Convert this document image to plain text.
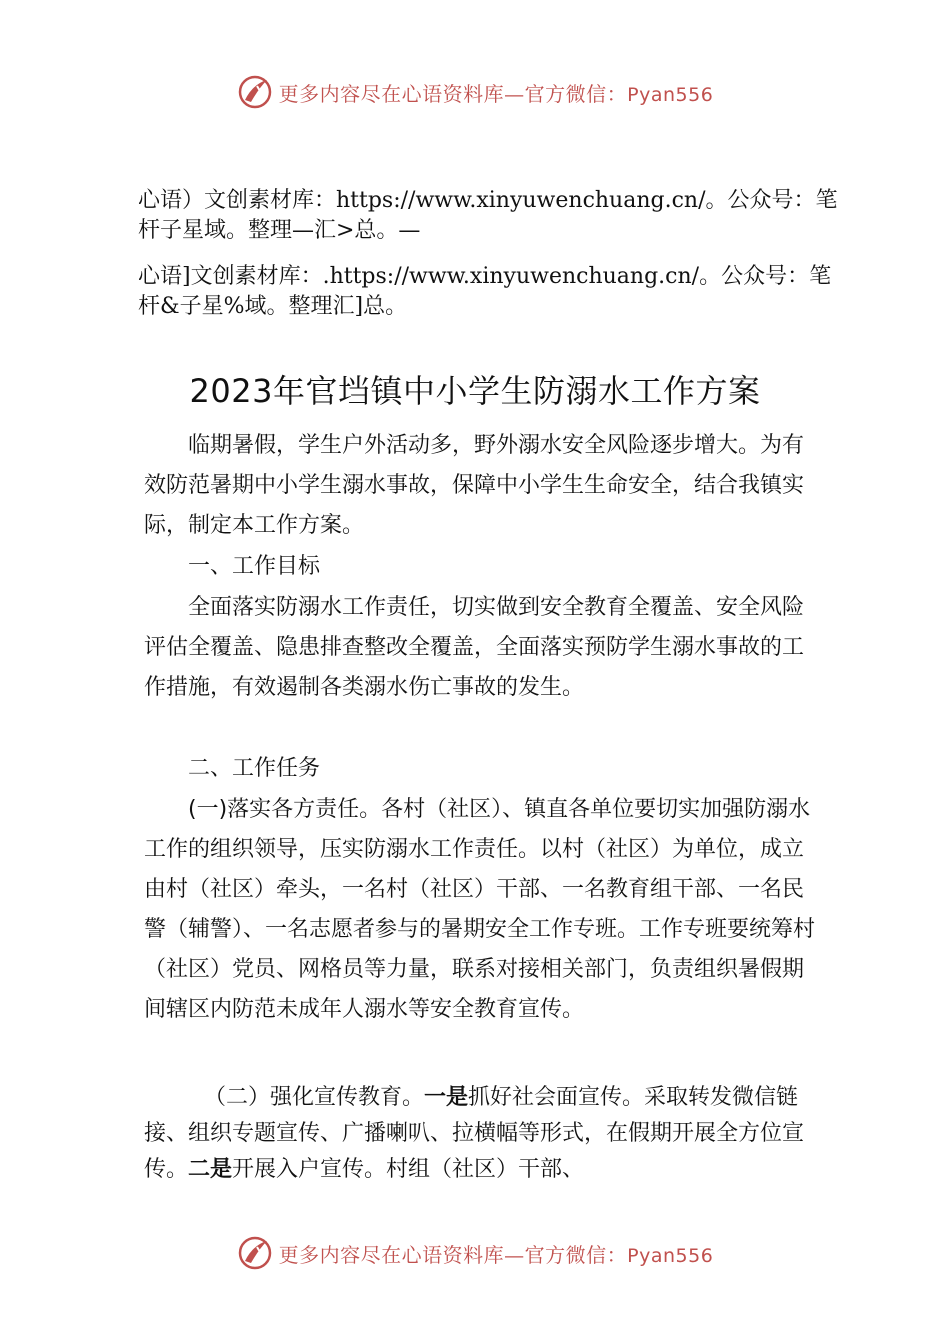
更多内容尽在心语资料库—官方微信：Pyan556

心语）文创素材库：https://www.xinyuwenchuang.cn/。公众号：笔杆子星域。整理—汇>总。—

心语]文创素材库：.https://www.xinyuwenchuang.cn/。公众号：笔杆&子星%域。整理汇]总。

2023年官垱镇中小学生防溺水工作方案

临期暑假，学生户外活动多，野外溺水安全风险逐步增大。为有效防范暑期中小学生溺水事故，保障中小学生生命安全，结合我镇实际，制定本工作方案。

一、工作目标

全面落实防溺水工作责任，切实做到安全教育全覆盖、安全风险评估全覆盖、隐患排查整改全覆盖，全面落实预防学生溺水事故的工作措施，有效遏制各类溺水伤亡事故的发生。

二、工作任务

(一)落实各方责任。各村（社区）、镇直各单位要切实加强防溺水工作的组织领导，压实防溺水工作责任。以村（社区）为单位，成立由村（社区）牵头，一名村（社区）干部、一名教育组干部、一名民警（辅警）、一名志愿者参与的暑期安全工作专班。工作专班要统筹村（社区）党员、网格员等力量，联系对接相关部门，负责组织暑假期间辖区内防范未成年人溺水等安全教育宣传。

（二）强化宣传教育。一是抓好社会面宣传。采取转发微信链接、组织专题宣传、广播喇叭、拉横幅等形式，在假期开展全方位宣传。二是开展入户宣传。村组（社区）干部、

更多内容尽在心语资料库—官方微信：Pyan556
